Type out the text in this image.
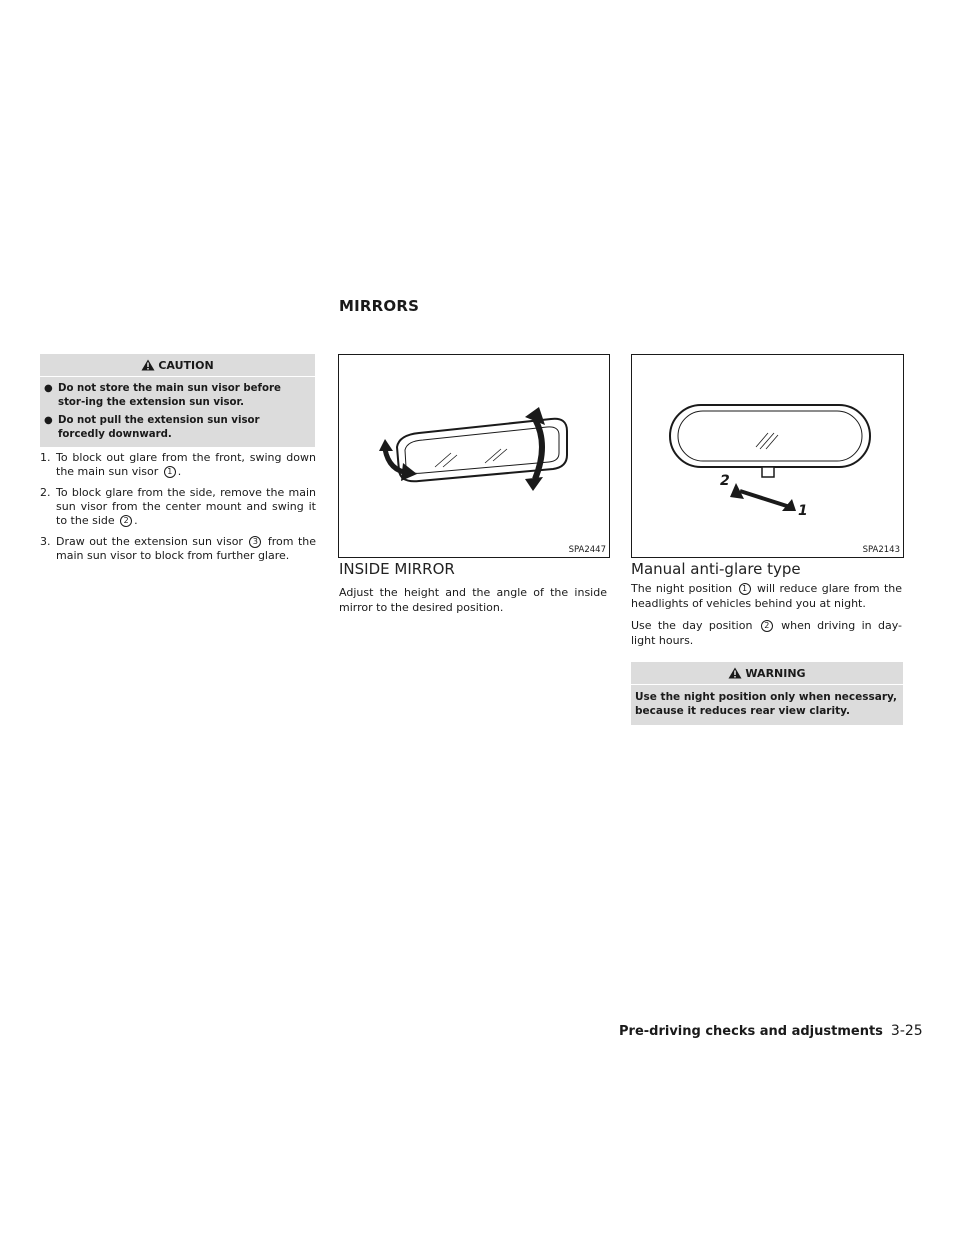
MIRRORS
CAUTION
● Do not store the main sun visor before stor-ing the extension sun visor.
● Do not pull the extension sun visor forcedly downward.
1. To block out glare from the front, swing down the main sun visor 1 .
2. To block glare from the side, remove the main sun visor from the center mount and swing it to the side 2 .
3. Draw out the extension sun visor 3 from the main sun visor to block from further glare.	SPA2447
2
1
SPA2143
INSIDE MIRROR
Adjust the height and the angle of the inside mirror to the desired position.
Manual anti-glare type
The night position 1 will reduce glare from the headlights of vehicles behind you at night.
Use the day position 2 when driving in day-light hours.
WARNING
Use the night position only when necessary, because it reduces rear view clarity.
Pre-driving checks and adjustments 3-25
